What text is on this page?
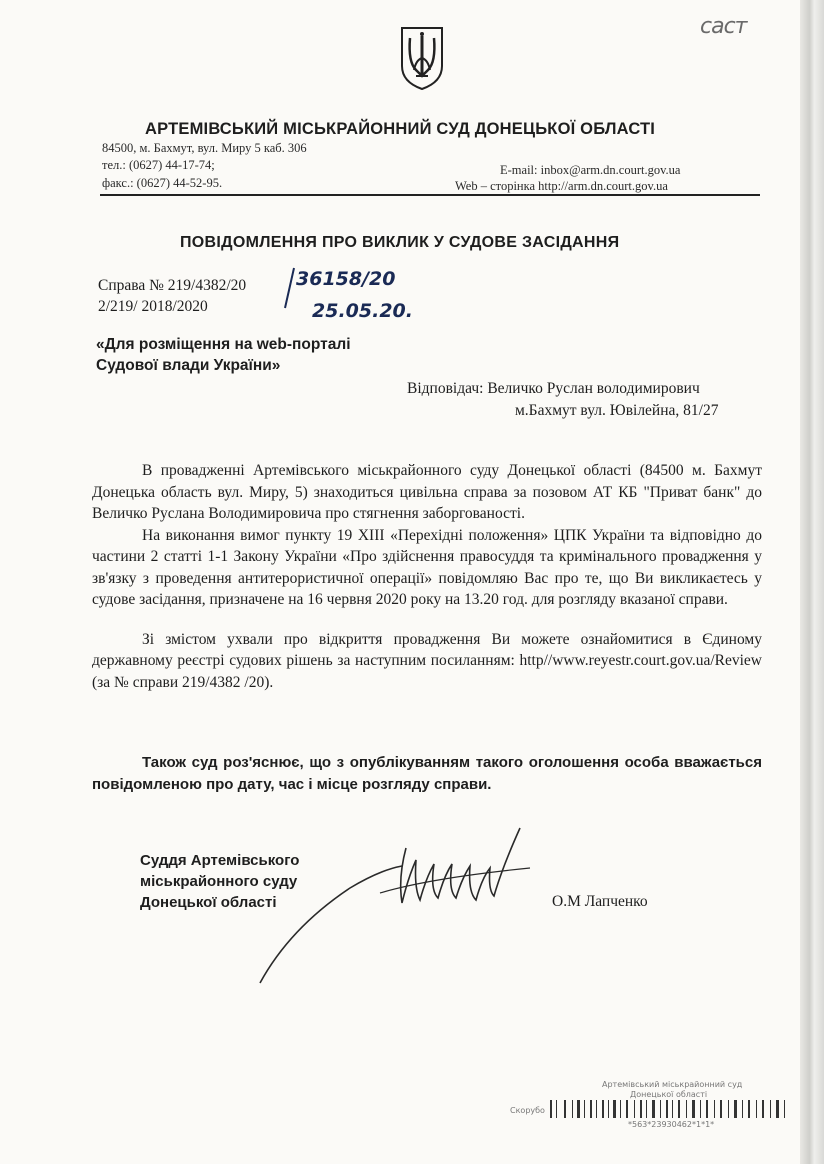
саст
АРТЕМІВСЬКИЙ МІСЬКРАЙОННИЙ СУД ДОНЕЦЬКОЇ ОБЛАСТІ
84500, м. Бахмут, вул. Миру 5 каб. 306
тел.: (0627) 44-17-74;
факс.: (0627) 44-52-95.
E-mail: inbox@arm.dn.court.gov.ua
Web – сторінка http://arm.dn.court.gov.ua
ПОВІДОМЛЕННЯ ПРО ВИКЛИК У СУДОВЕ ЗАСІДАННЯ
Справа № 219/4382/20
2/219/ 2018/2020
36158/20
25.05.20.
«Для розміщення на web-порталі
Судової влади України»
Відповідач: Величко Руслан володимирович
м.Бахмут вул. Ювілейна, 81/27

В провадженні Артемівського міськрайонного суду Донецької області (84500 м. Бахмут Донецька область вул. Миру, 5) знаходиться цивільна справа за позовом АТ КБ "Приват банк" до Величко Руслана Володимировича про стягнення заборгованості.

На виконання вимог пункту 19 ХІІІ «Перехідні положення» ЦПК України та відповідно до частини 2 статті 1-1 Закону України «Про здійснення правосуддя та кримінального провадження у зв'язку з проведення антитерористичної операції» повідомляю Вас про те, що Ви викликаєтесь у судове засідання, призначене на 16 червня 2020 року на 13.20 год. для розгляду вказаної справи.

Зі змістом ухвали про відкриття провадження Ви можете ознайомитися в Єдиному державному реєстрі судових рішень за наступним посиланням: http//www.reyestr.court.gov.ua/Review (за № справи 219/4382 /20).

Також суд роз'яснює, що з опублікуванням такого оголошення особа вважається повідомленою про дату, час і місце розгляду справи.
Суддя Артемівського
міськрайонного суду
Донецької області	О.М Лапченко
Артемівський міськрайонний суд
Донецької області
Скорубо
*563*23930462*1*1*
